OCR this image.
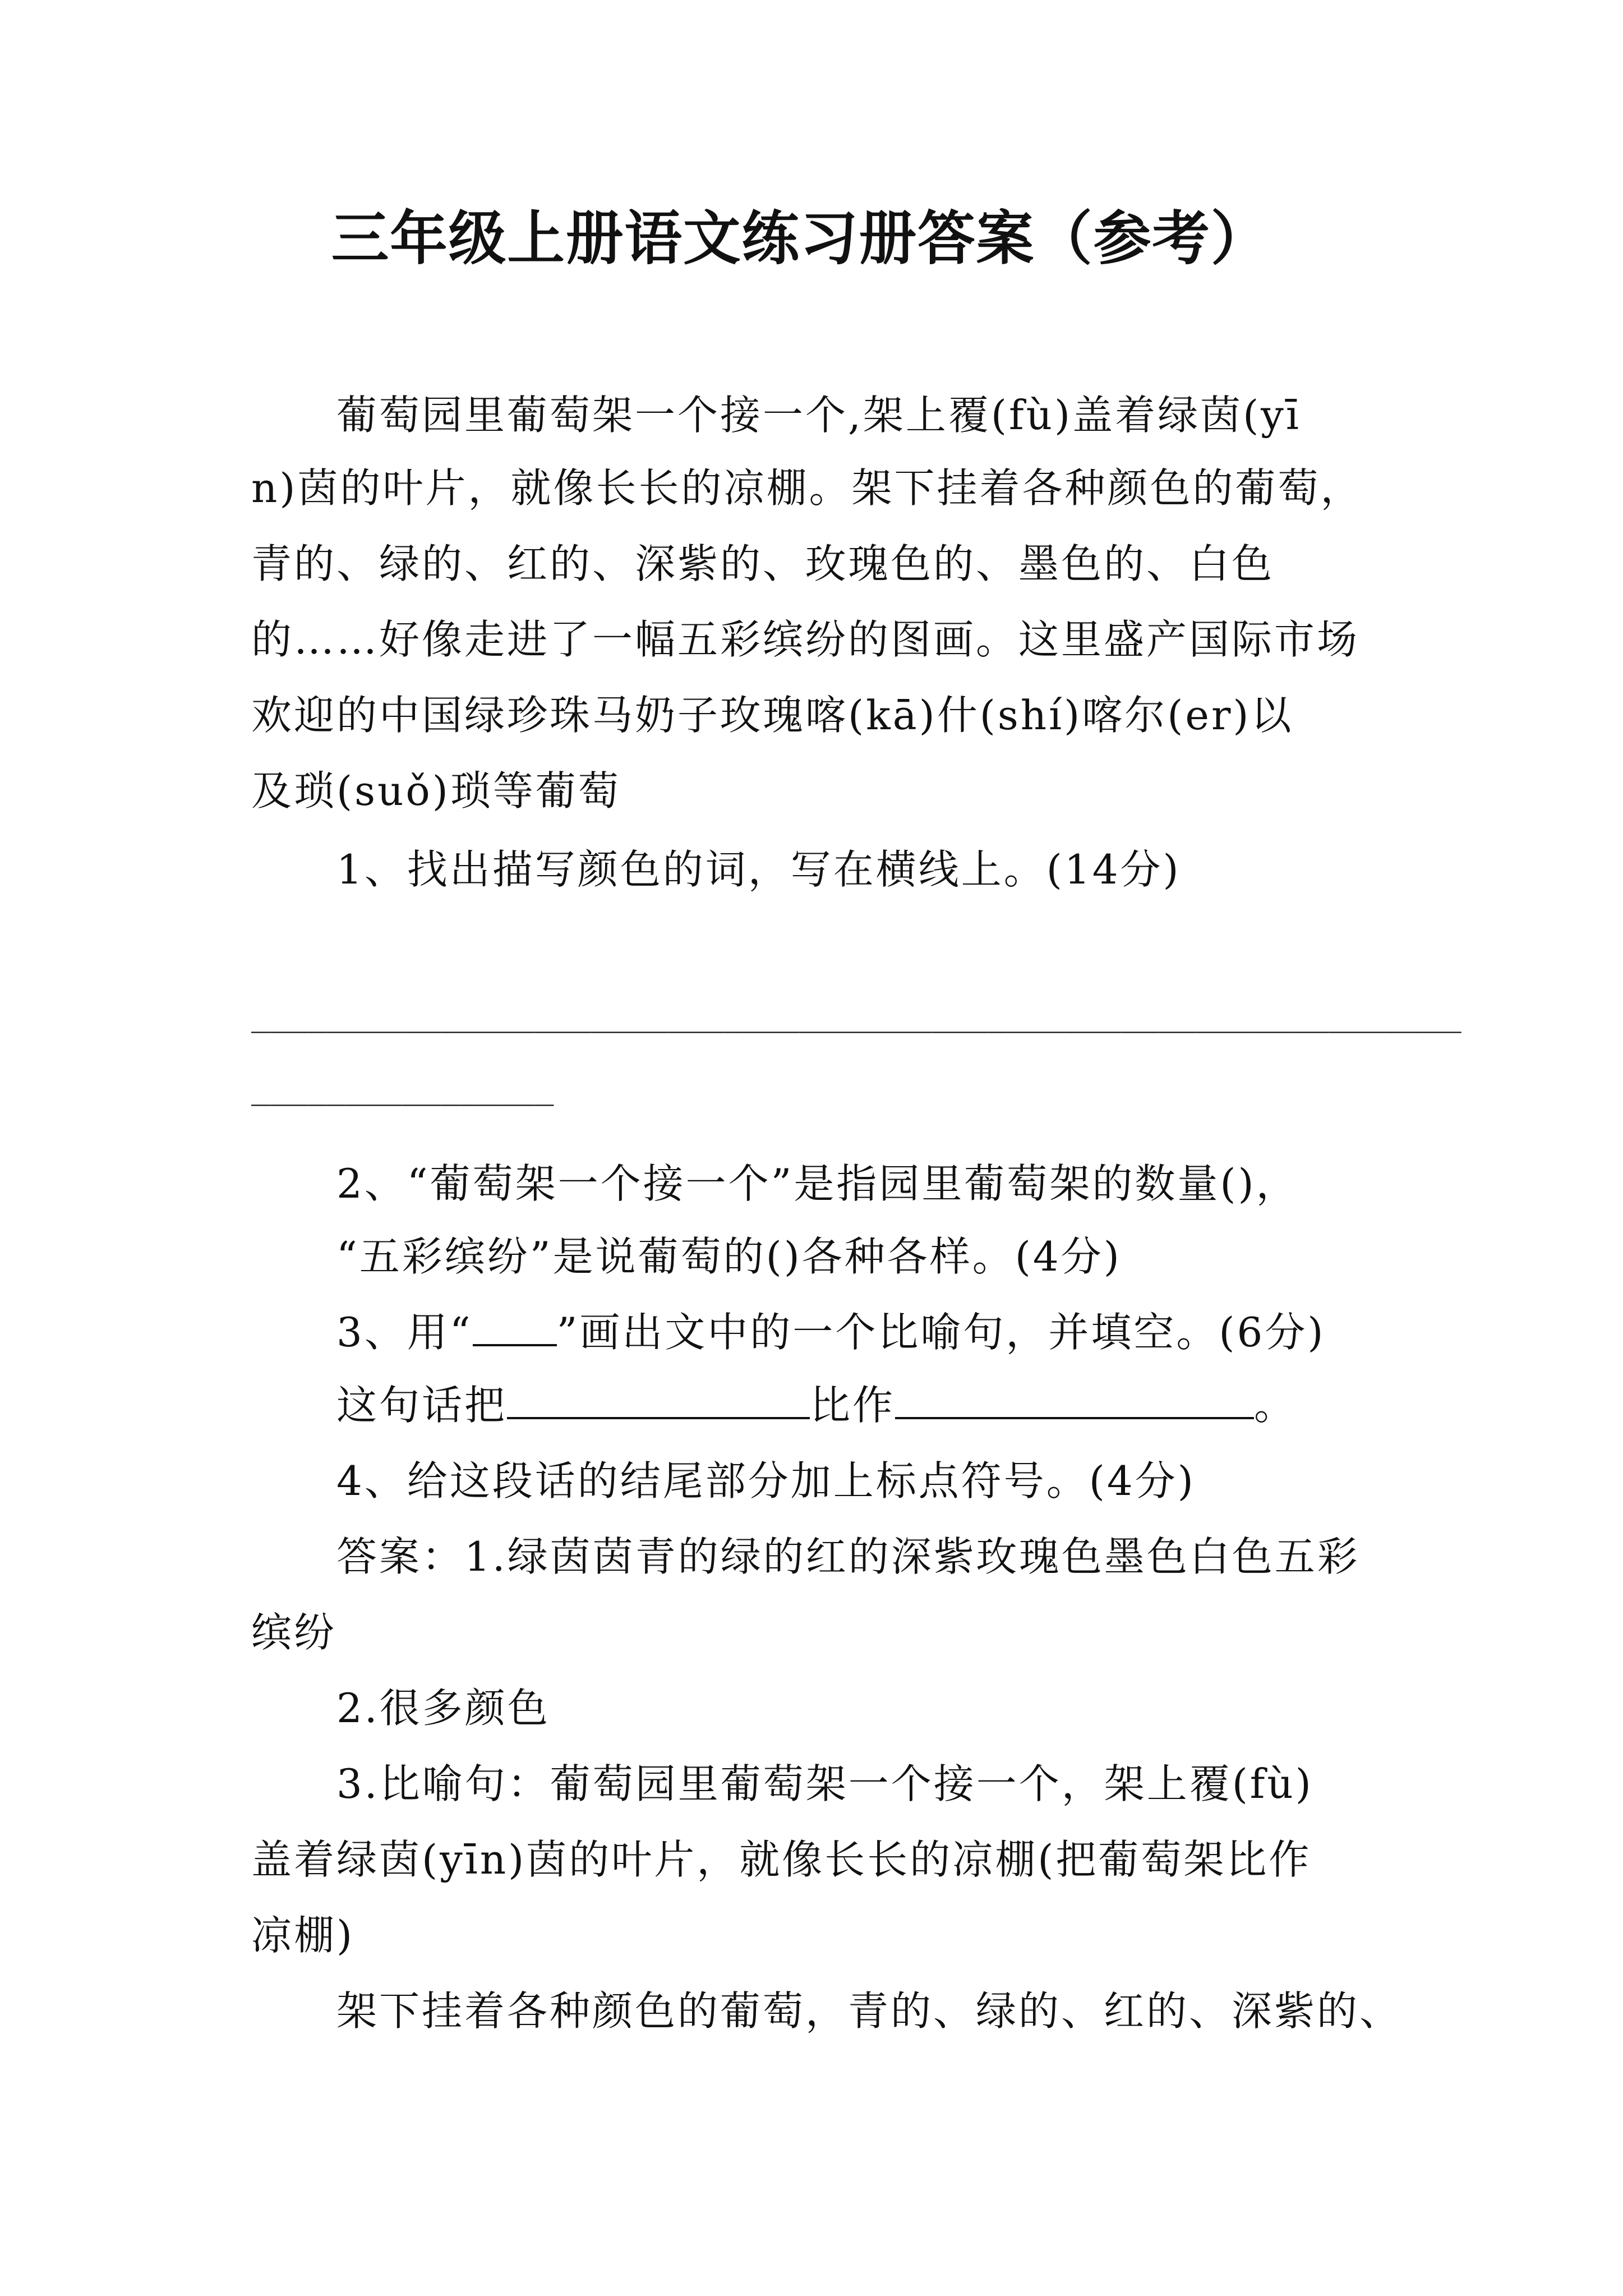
三年级上册语文练习册答案（参考）
葡萄园里葡萄架一个接一个,架上覆(fù)盖着绿茵(yī
n)茵的叶片，就像长长的凉棚。架下挂着各种颜色的葡萄，
青的、绿的、红的、深紫的、玫瑰色的、墨色的、白色
的……好像走进了一幅五彩缤纷的图画。这里盛产国际市场
欢迎的中国绿珍珠马奶子玫瑰喀(kā)什(shí)喀尔(er)以
及琐(suǒ)琐等葡萄
1、找出描写颜色的词，写在横线上。(14分)
________________________________________________________________
________________
2、“葡萄架一个接一个”是指园里葡萄架的数量()，
“五彩缤纷”是说葡萄的()各种各样。(4分)
3、用“ ”画出文中的一个比喻句，并填空。(6分)
这句话把	比作	。
4、给这段话的结尾部分加上标点符号。(4分)
答案：1.绿茵茵青的绿的红的深紫玫瑰色墨色白色五彩
缤纷
2.很多颜色
3.比喻句：葡萄园里葡萄架一个接一个，架上覆(fù)
盖着绿茵(yīn)茵的叶片，就像长长的凉棚(把葡萄架比作
凉棚)
架下挂着各种颜色的葡萄，青的、绿的、红的、深紫的、
